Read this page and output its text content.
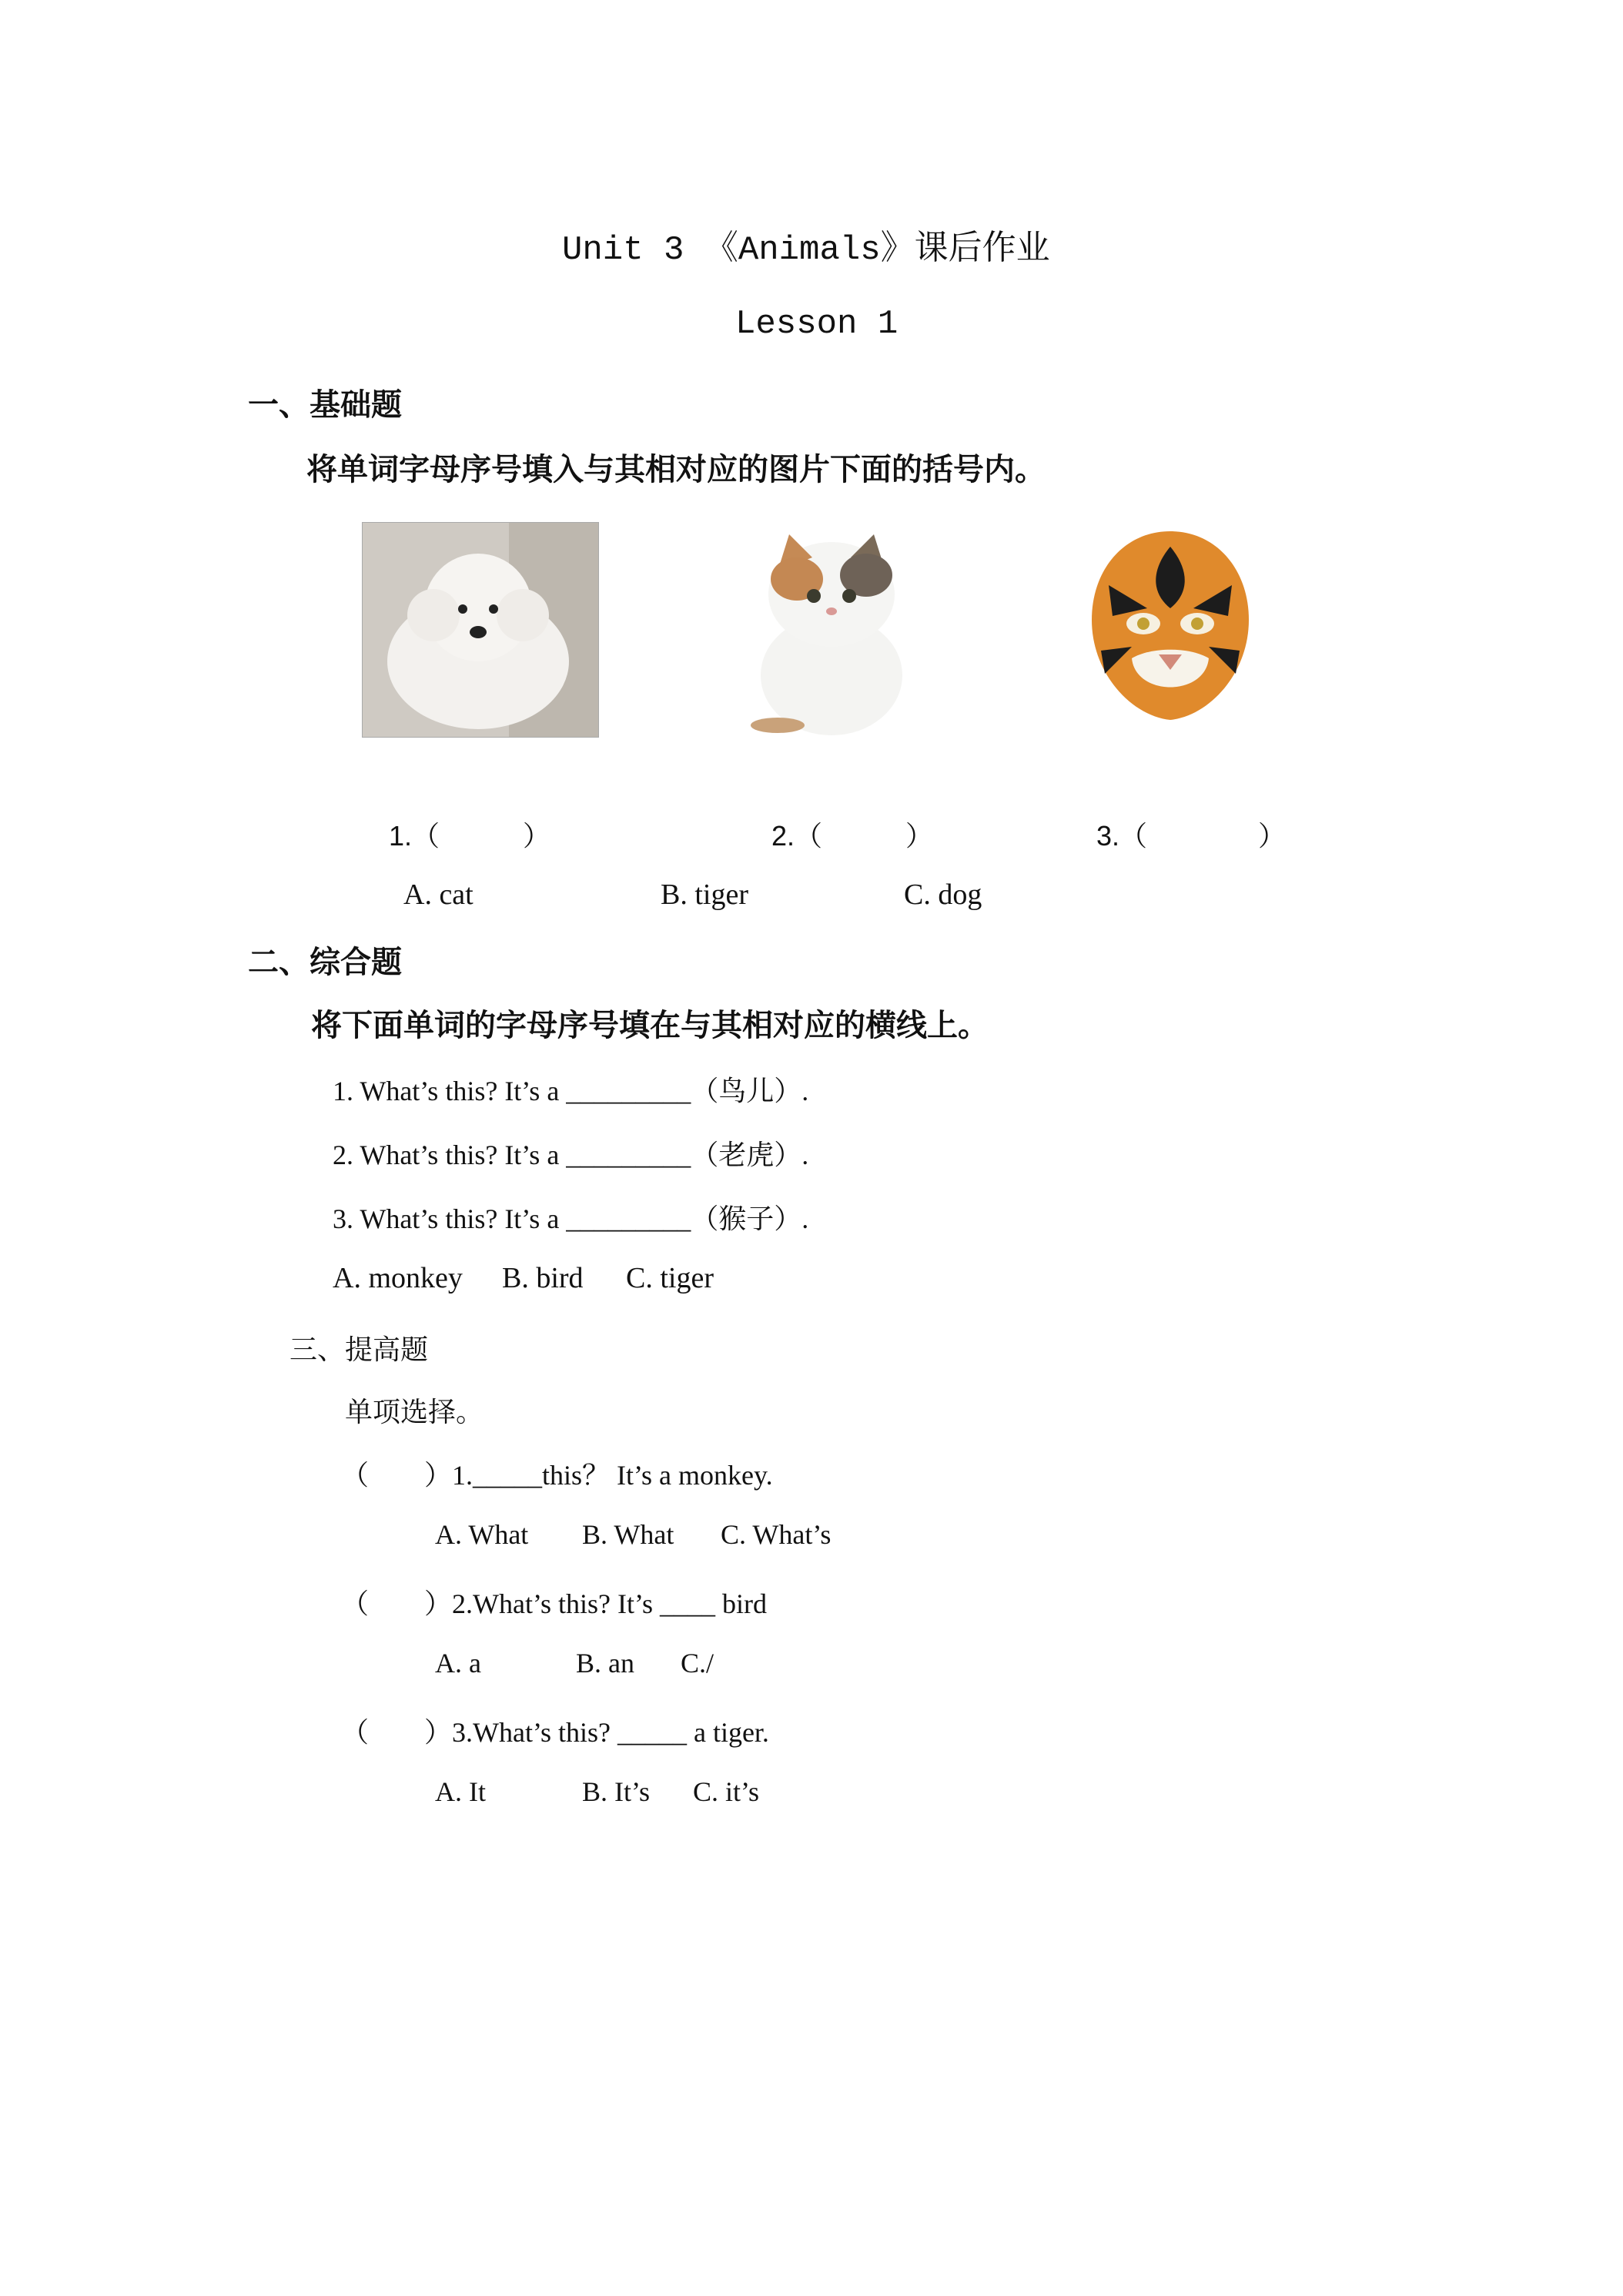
Unit 3 《Animals》课后作业
Lesson 1
一、基础题
将单词字母序号填入与其相对应的图片下面的括号内。
1.（　　　）	2.（　　　）	3.（　　　　）
A. cat	B. tiger	C. dog
二、综合题
将下面单词的字母序号填在与其相对应的横线上。
1. What’s this? It’s a _________（鸟儿）.
2. What’s this? It’s a _________（老虎）.
3. What’s this? It’s a _________（猴子）.
A. monkey B. bird C. tiger
三、提高题
单项选择。
（　　）1._____this？ It’s a monkey.
A. What B. What C. What’s
（　　）2.What’s this? It’s ____ bird
A. a	B. an C./
（　　）3.What’s this? _____ a tiger.
A. It	B. It’s C. it’s
